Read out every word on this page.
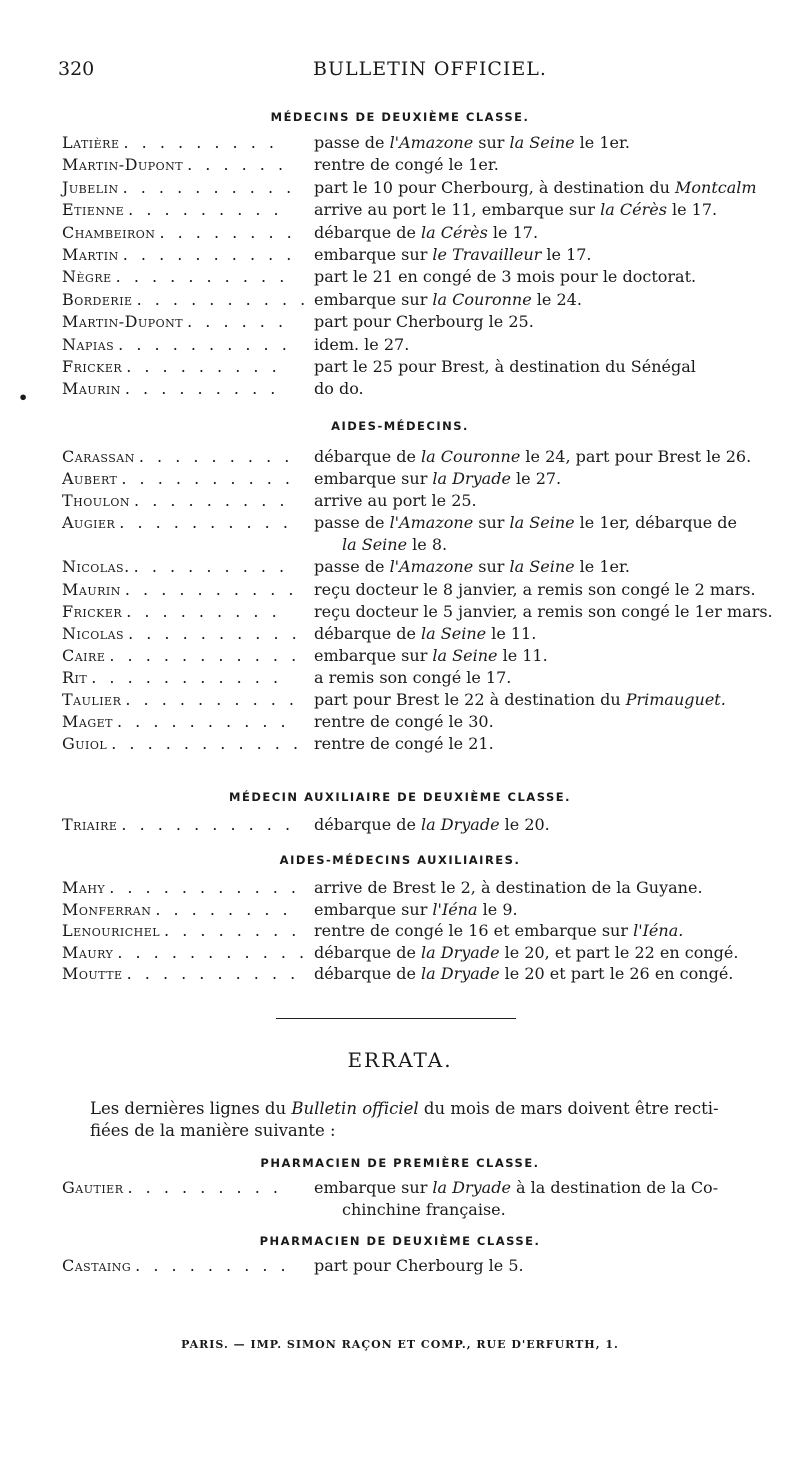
320	BULLETIN OFFICIEL.
•
MÉDECINS DE DEUXIÈME CLASSE.
AIDES-MÉDECINS.
MÉDECIN AUXILIAIRE DE DEUXIÈME CLASSE.
AIDES-MÉDECINS AUXILIAIRES.
ERRATA.
Les dernières lignes du Bulletin officiel du mois de mars doivent être recti-
fiées de la manière suivante :
PHARMACIEN DE PREMIÈRE CLASSE.
PHARMACIEN DE DEUXIÈME CLASSE.
PARIS. — IMP. SIMON RAÇON ET COMP., RUE D'ERFURTH, 1.
Latière . . . . . . . . . passe de l'Amazone sur la Seine le 1er.
Martin-Dupont . . . . . . rentre de congé le 1er.
Jubelin . . . . . . . . . . part le 10 pour Cherbourg, à destination du Montcalm
Etienne . . . . . . . . . arrive au port le 11, embarque sur la Cérès le 17.
Chambeiron . . . . . . . . débarque de la Cérès le 17.
Martin . . . . . . . . . . embarque sur le Travailleur le 17.
Nègre . . . . . . . . . . part le 21 en congé de 3 mois pour le doctorat.
Borderie . . . . . . . . . . embarque sur la Couronne le 24.
Martin-Dupont . . . . . . part pour Cherbourg le 25.
Napias . . . . . . . . . . idem. le 27.
Fricker . . . . . . . . . part le 25 pour Brest, à destination du Sénégal
Maurin . . . . . . . . . do do.
Carassan . . . . . . . . . débarque de la Couronne le 24, part pour Brest le 26.
Aubert . . . . . . . . . . embarque sur la Dryade le 27.
Thoulon . . . . . . . . . arrive au port le 25.
Augier . . . . . . . . . . passe de l'Amazone sur la Seine le 1er, débarque de
la Seine le 8.
Nicolas. . . . . . . . . . passe de l'Amazone sur la Seine le 1er.
Maurin . . . . . . . . . . reçu docteur le 8 janvier, a remis son congé le 2 mars.
Fricker . . . . . . . . . reçu docteur le 5 janvier, a remis son congé le 1er mars.
Nicolas . . . . . . . . . . débarque de la Seine le 11.
Caire . . . . . . . . . . . embarque sur la Seine le 11.
Rit . . . . . . . . . . . a remis son congé le 17.
Taulier . . . . . . . . . . part pour Brest le 22 à destination du Primauguet.
Maget . . . . . . . . . . rentre de congé le 30.
Guiol . . . . . . . . . . . rentre de congé le 21.
Triaire . . . . . . . . . . débarque de la Dryade le 20.
Mahy . . . . . . . . . . . arrive de Brest le 2, à destination de la Guyane.
Monferran . . . . . . . . embarque sur l'Iéna le 9.
Lenourichel . . . . . . . . rentre de congé le 16 et embarque sur l'Iéna.
Maury . . . . . . . . . . . débarque de la Dryade le 20, et part le 22 en congé.
Moutte . . . . . . . . . . débarque de la Dryade le 20 et part le 26 en congé.
Gautier . . . . . . . . . embarque sur la Dryade à la destination de la Co-
chinchine française.
Castaing . . . . . . . . . part pour Cherbourg le 5.
